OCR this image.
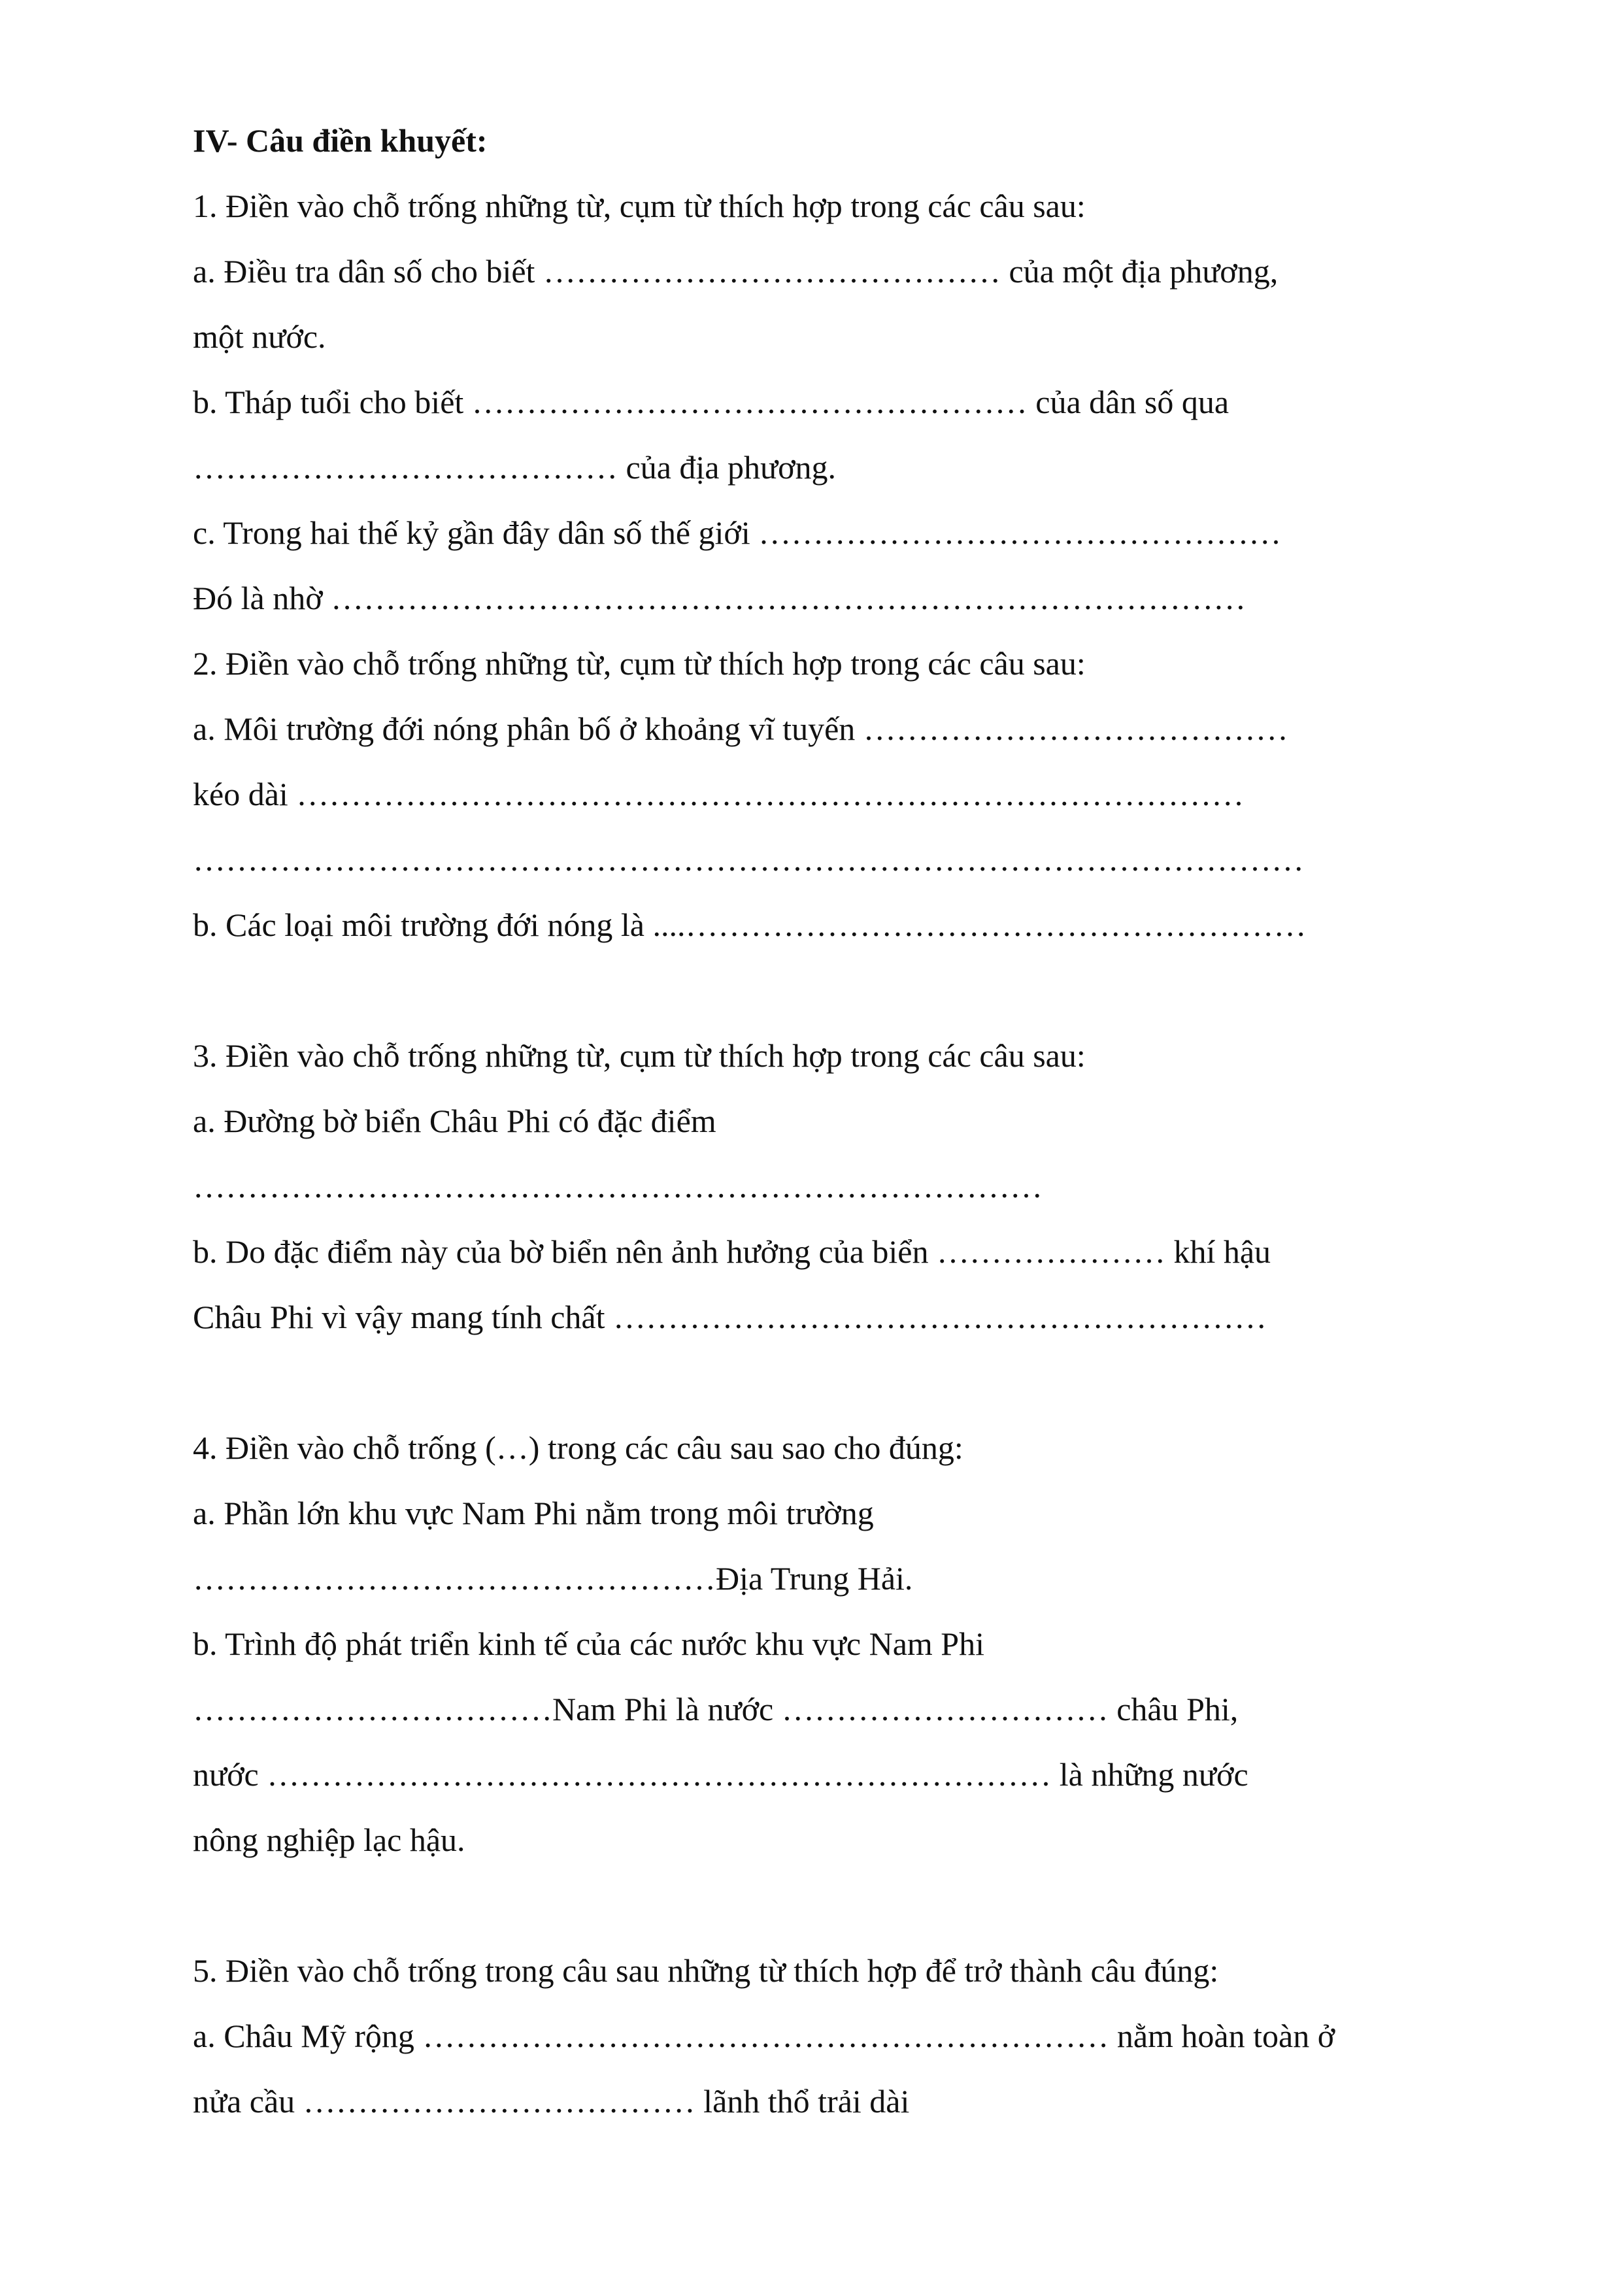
IV- Câu điền khuyết:
1. Điền vào chỗ trống những từ, cụm từ thích hợp trong các câu sau:
a. Điều tra dân số cho biết …………………………………… của một địa phương,
một nước.
b. Tháp tuổi cho biết …………………………………………… của dân số qua
………………………………… của địa phương.
c. Trong hai thế kỷ gần đây dân số thế giới …………………………………………
Đó là nhờ …………………………………………………………………………
2. Điền vào chỗ trống những từ, cụm từ thích hợp trong các câu sau:
a. Môi trường đới nóng phân bố ở khoảng vĩ tuyến …………………………………
kéo dài ……………………………………………………………………………
…………………………………………………………………………………………
b. Các loại môi trường đới nóng là ....…………………………………………………
3. Điền vào chỗ trống những từ, cụm từ thích hợp trong các câu sau:
a. Đường bờ biển Châu Phi có đặc điểm
……………………………………………………………………
b. Do đặc điểm này của bờ biển nên ảnh hưởng của biển ………………… khí hậu
Châu Phi vì vậy mang tính chất ……………………………………………………
4. Điền vào chỗ trống (…) trong các câu sau sao cho đúng:
a. Phần lớn khu vực Nam Phi nằm trong môi trường
…………………………………………Địa Trung Hải.
b. Trình độ phát triển kinh tế của các nước khu vực Nam Phi
……………………………Nam Phi là nước ………………………… châu Phi,
nước ……………………………………………………………… là những nước
nông nghiệp lạc hậu.
5. Điền vào chỗ trống trong câu sau những từ thích hợp để trở thành câu đúng:
a. Châu Mỹ rộng ……………………………………………………… nằm hoàn toàn ở
nửa cầu ……………………………… lãnh thổ trải dài
